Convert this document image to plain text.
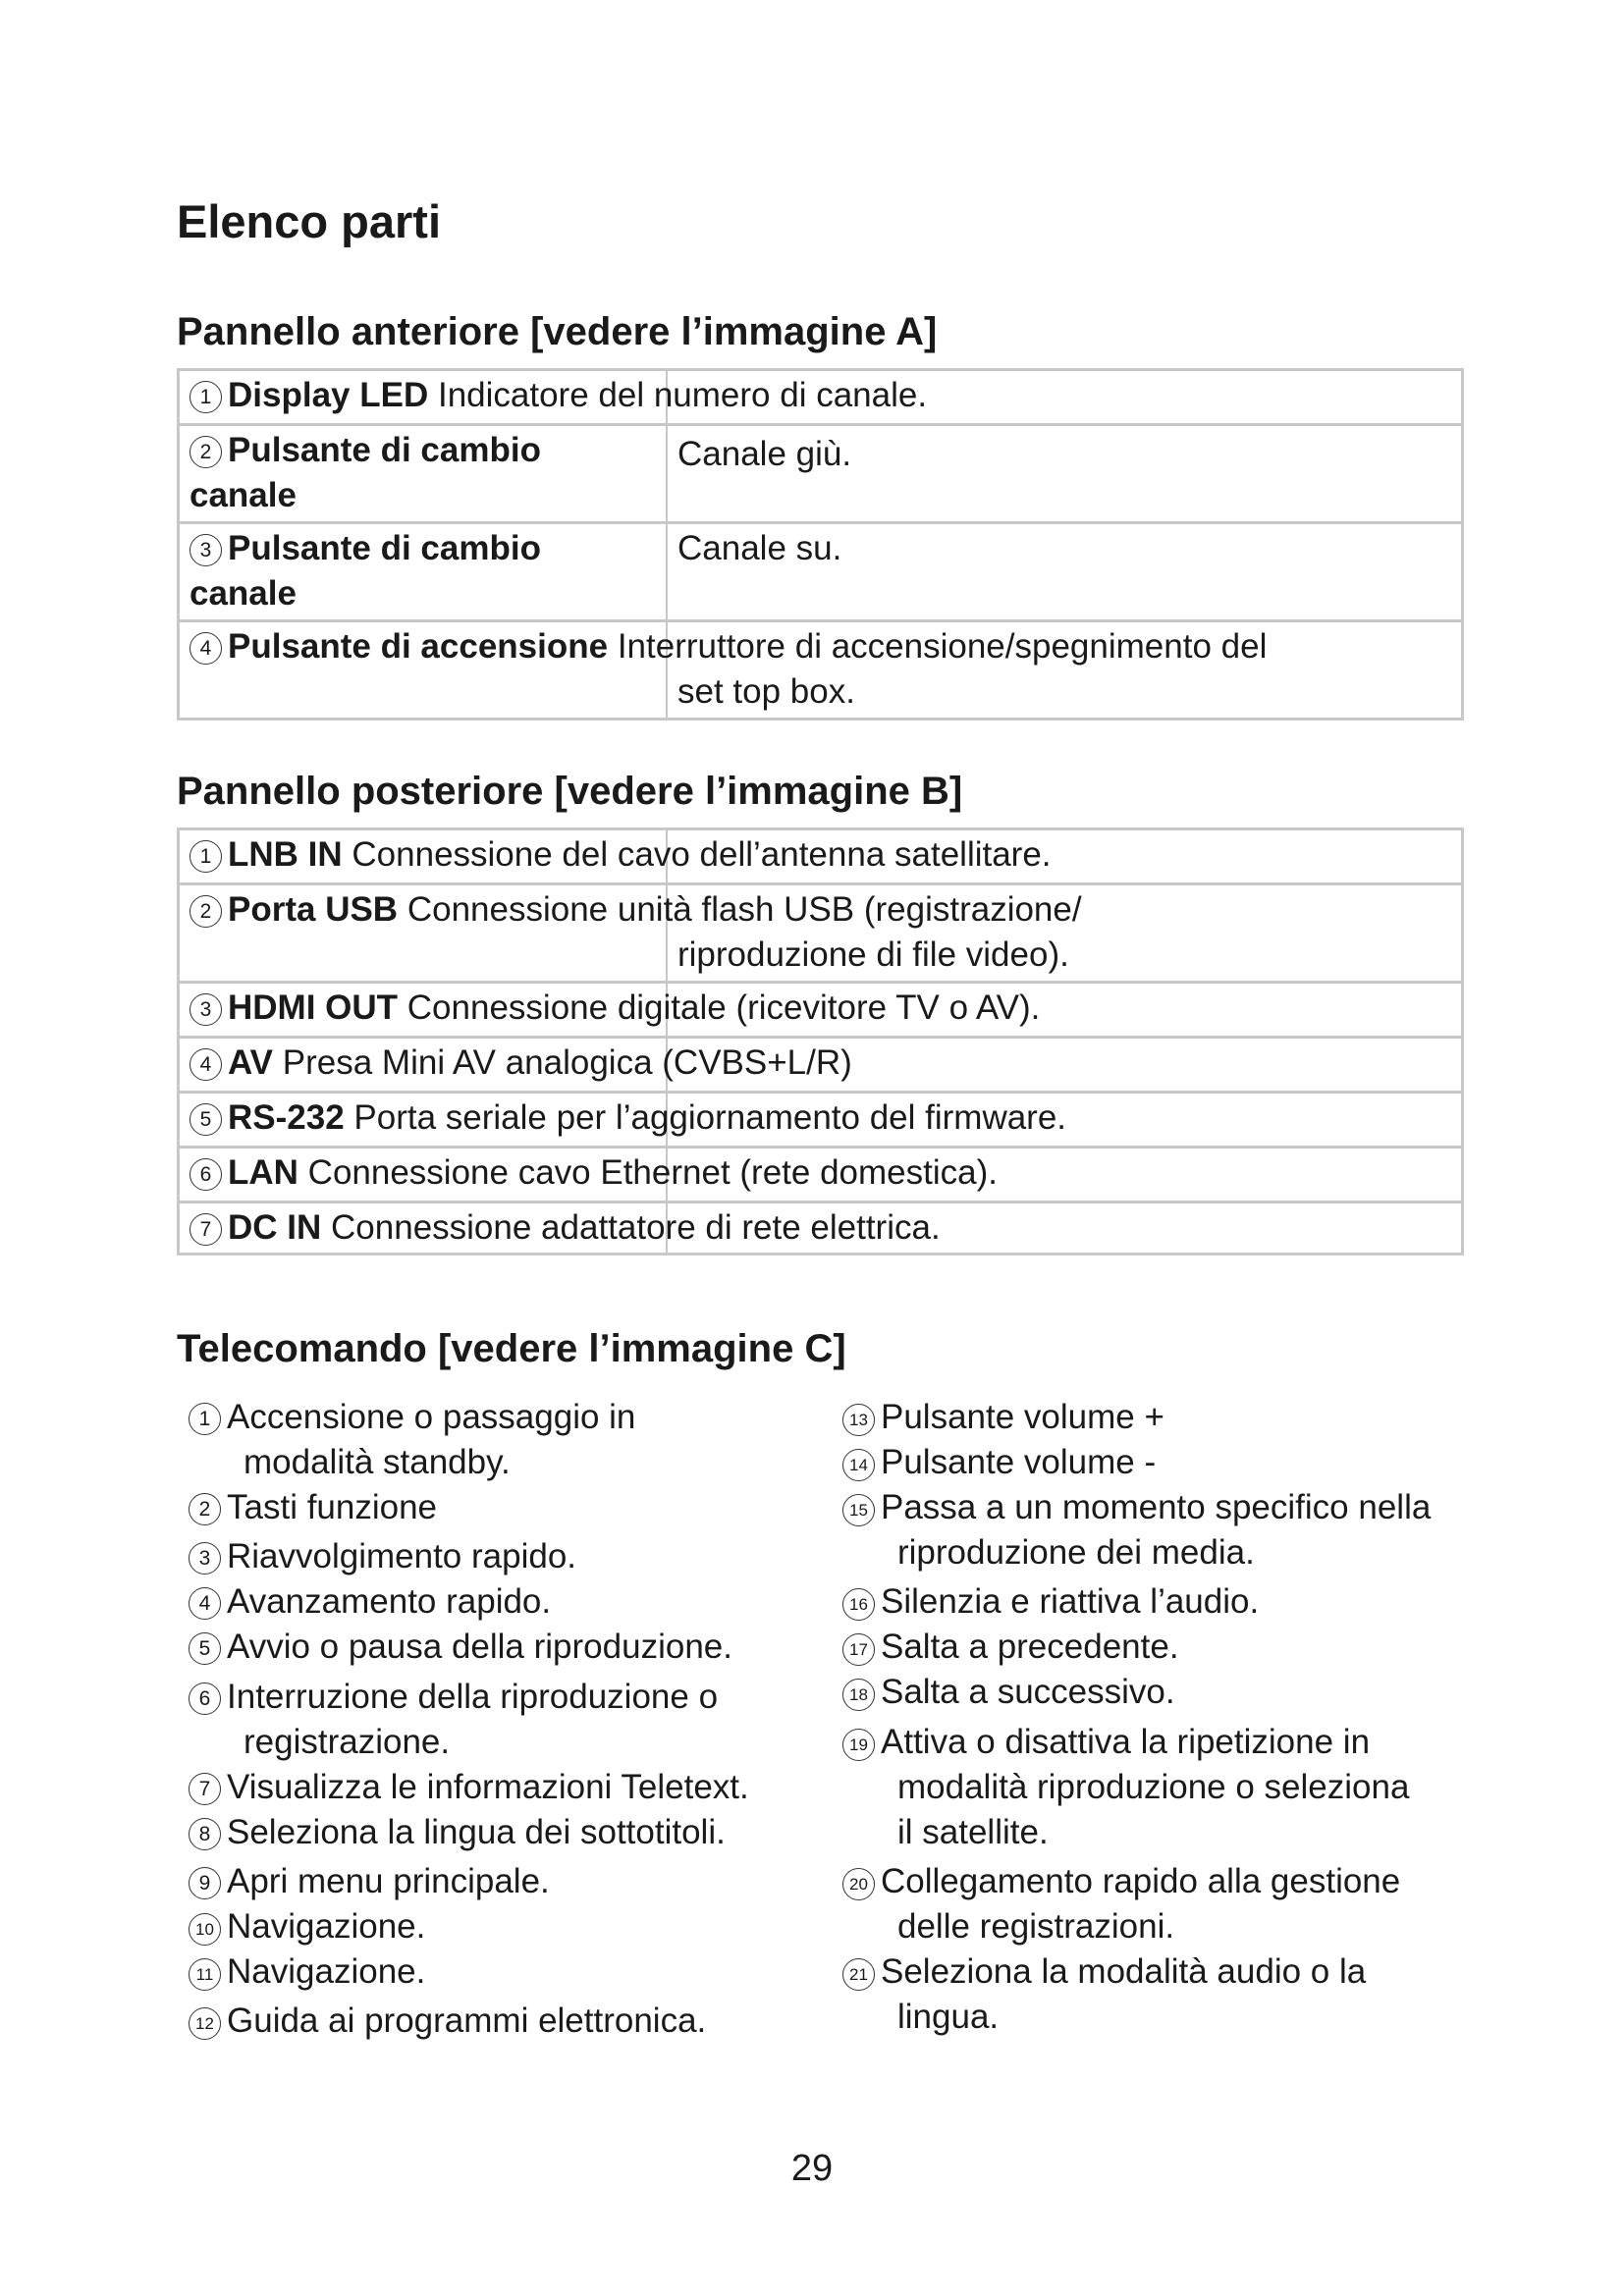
Elenco parti
Pannello anteriore [vedere l’immagine A]
1 Display LED Indicatore del numero di canale.
2 Pulsante di cambio
canale
Canale giù.
3 Pulsante di cambio
canale
Canale su.
4 Pulsante di accensione Interruttore di accensione/spegnimento del
set top box.
Pannello posteriore [vedere l’immagine B]
1 LNB IN Connessione del cavo dell’antenna satellitare.
2 Porta USB Connessione unità flash USB (registrazione/
riproduzione di file video).
3 HDMI OUT Connessione digitale (ricevitore TV o AV).
4 AV Presa Mini AV analogica (CVBS+L/R)
5 RS-232 Porta seriale per l’aggiornamento del firmware.
6 LAN Connessione cavo Ethernet (rete domestica).
7 DC IN Connessione adattatore di rete elettrica.
Telecomando [vedere l’immagine C]
1 Accensione o passaggio in
modalità standby.
2 Tasti funzione
3 Riavvolgimento rapido.
4 Avanzamento rapido.
5 Avvio o pausa della riproduzione.
6 Interruzione della riproduzione o
registrazione.
7 Visualizza le informazioni Teletext.
8 Seleziona la lingua dei sottotitoli.
9 Apri menu principale.
10 Navigazione.
11 Navigazione.
12 Guida ai programmi elettronica.
13 Pulsante volume +
14 Pulsante volume -
15 Passa a un momento specifico nella
riproduzione dei media.
16 Silenzia e riattiva l’audio.
17 Salta a precedente.
18 Salta a successivo.
19 Attiva o disattiva la ripetizione in
modalità riproduzione o seleziona
il satellite.
20 Collegamento rapido alla gestione
delle registrazioni.
21 Seleziona la modalità audio o la
lingua.
29
